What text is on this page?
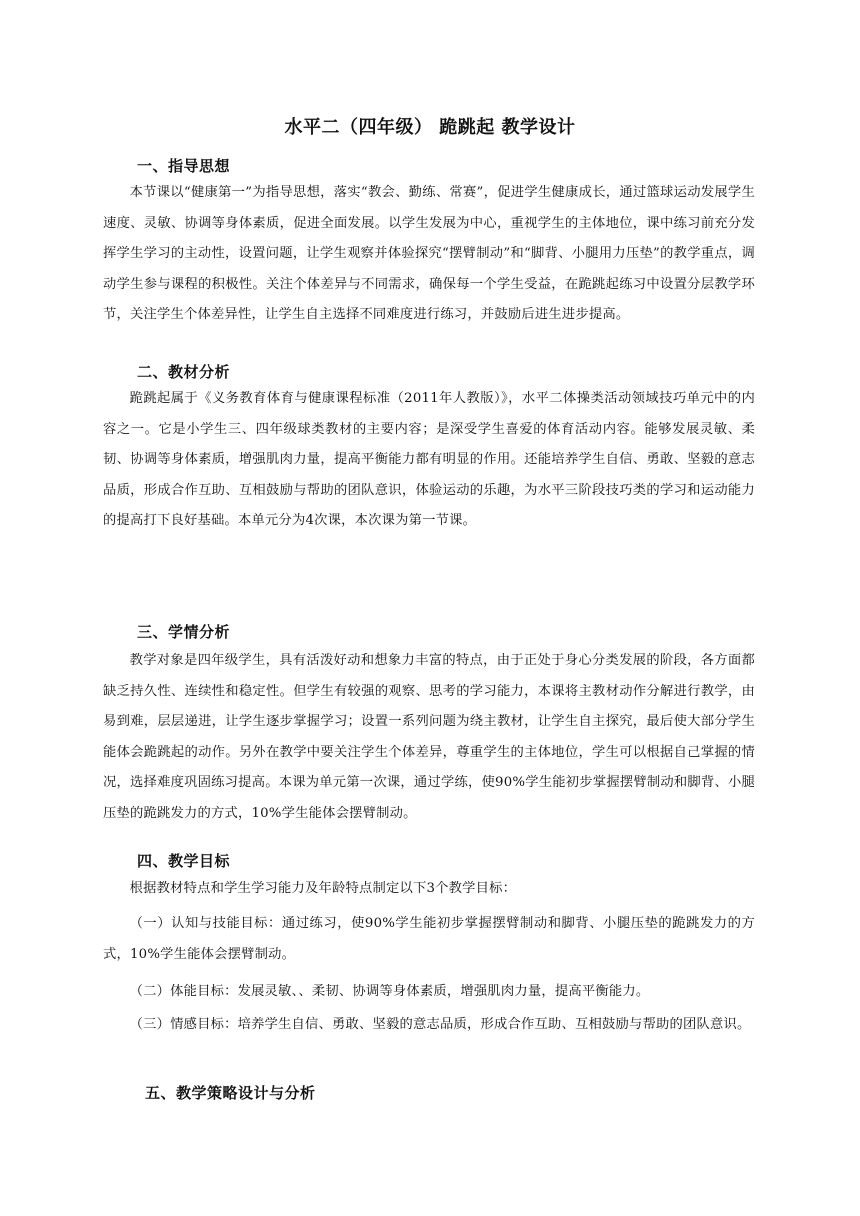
水平二（四年级） 跪跳起 教学设计
一、指导思想
本节课以“健康第一”为指导思想，落实“教会、勤练、常赛”，促进学生健康成长，通过篮球运动发展学生速度、灵敏、协调等身体素质，促进全面发展。以学生发展为中心，重视学生的主体地位，课中练习前充分发挥学生学习的主动性，设置问题，让学生观察并体验探究“摆臂制动”和“脚背、小腿用力压垫”的教学重点，调动学生参与课程的积极性。关注个体差异与不同需求，确保每一个学生受益，在跪跳起练习中设置分层教学环节，关注学生个体差异性，让学生自主选择不同难度进行练习，并鼓励后进生进步提高。
二、教材分析
跪跳起属于《义务教育体育与健康课程标准（2011年人教版）》，水平二体操类活动领域技巧单元中的内容之一。它是小学生三、四年级球类教材的主要内容；是深受学生喜爱的体育活动内容。能够发展灵敏、柔韧、协调等身体素质，增强肌肉力量，提高平衡能力都有明显的作用。还能培养学生自信、勇敢、坚毅的意志品质，形成合作互助、互相鼓励与帮助的团队意识，体验运动的乐趣，为水平三阶段技巧类的学习和运动能力的提高打下良好基础。本单元分为4次课，本次课为第一节课。
三、学情分析
教学对象是四年级学生，具有活泼好动和想象力丰富的特点，由于正处于身心分类发展的阶段，各方面都缺乏持久性、连续性和稳定性。但学生有较强的观察、思考的学习能力，本课将主教材动作分解进行教学，由易到难，层层递进，让学生逐步掌握学习；设置一系列问题为绕主教材，让学生自主探究，最后使大部分学生能体会跪跳起的动作。另外在教学中要关注学生个体差异，尊重学生的主体地位，学生可以根据自己掌握的情况，选择难度巩固练习提高。本课为单元第一次课，通过学练，使90%学生能初步掌握摆臂制动和脚背、小腿压垫的跪跳发力的方式，10%学生能体会摆臂制动。
四、教学目标
根据教材特点和学生学习能力及年龄特点制定以下3个教学目标：
（一）认知与技能目标：通过练习，使90%学生能初步掌握摆臂制动和脚背、小腿压垫的跪跳发力的方式，10%学生能体会摆臂制动。
（二）体能目标：发展灵敏、、柔韧、协调等身体素质，增强肌肉力量，提高平衡能力。
（三）情感目标：培养学生自信、勇敢、坚毅的意志品质，形成合作互助、互相鼓励与帮助的团队意识。
五、教学策略设计与分析
